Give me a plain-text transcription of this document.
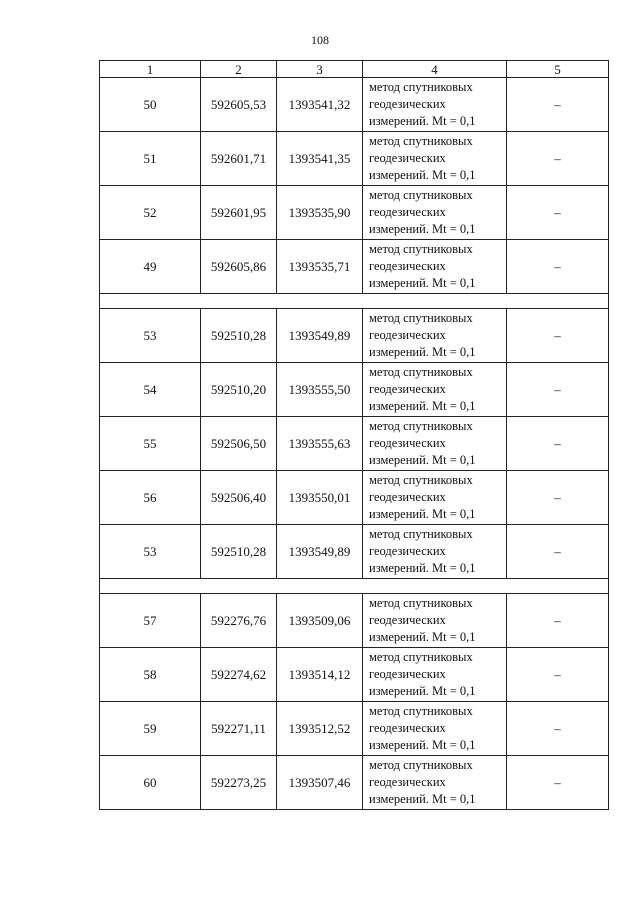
108
1	2	3	4	5
50	592605,53	1393541,32	метод спутниковых
геодезических
измерений. Mt = 0,1	–
51	592601,71	1393541,35	метод спутниковых
геодезических
измерений. Mt = 0,1	–
52	592601,95	1393535,90	метод спутниковых
геодезических
измерений. Mt = 0,1	–
49	592605,86	1393535,71	метод спутниковых
геодезических
измерений. Mt = 0,1	–

53	592510,28	1393549,89	метод спутниковых
геодезических
измерений. Mt = 0,1	–
54	592510,20	1393555,50	метод спутниковых
геодезических
измерений. Mt = 0,1	–
55	592506,50	1393555,63	метод спутниковых
геодезических
измерений. Mt = 0,1	–
56	592506,40	1393550,01	метод спутниковых
геодезических
измерений. Mt = 0,1	–
53	592510,28	1393549,89	метод спутниковых
геодезических
измерений. Mt = 0,1	–

57	592276,76	1393509,06	метод спутниковых
геодезических
измерений. Mt = 0,1	–
58	592274,62	1393514,12	метод спутниковых
геодезических
измерений. Mt = 0,1	–
59	592271,11	1393512,52	метод спутниковых
геодезических
измерений. Mt = 0,1	–
60	592273,25	1393507,46	метод спутниковых
геодезических
измерений. Mt = 0,1	–
